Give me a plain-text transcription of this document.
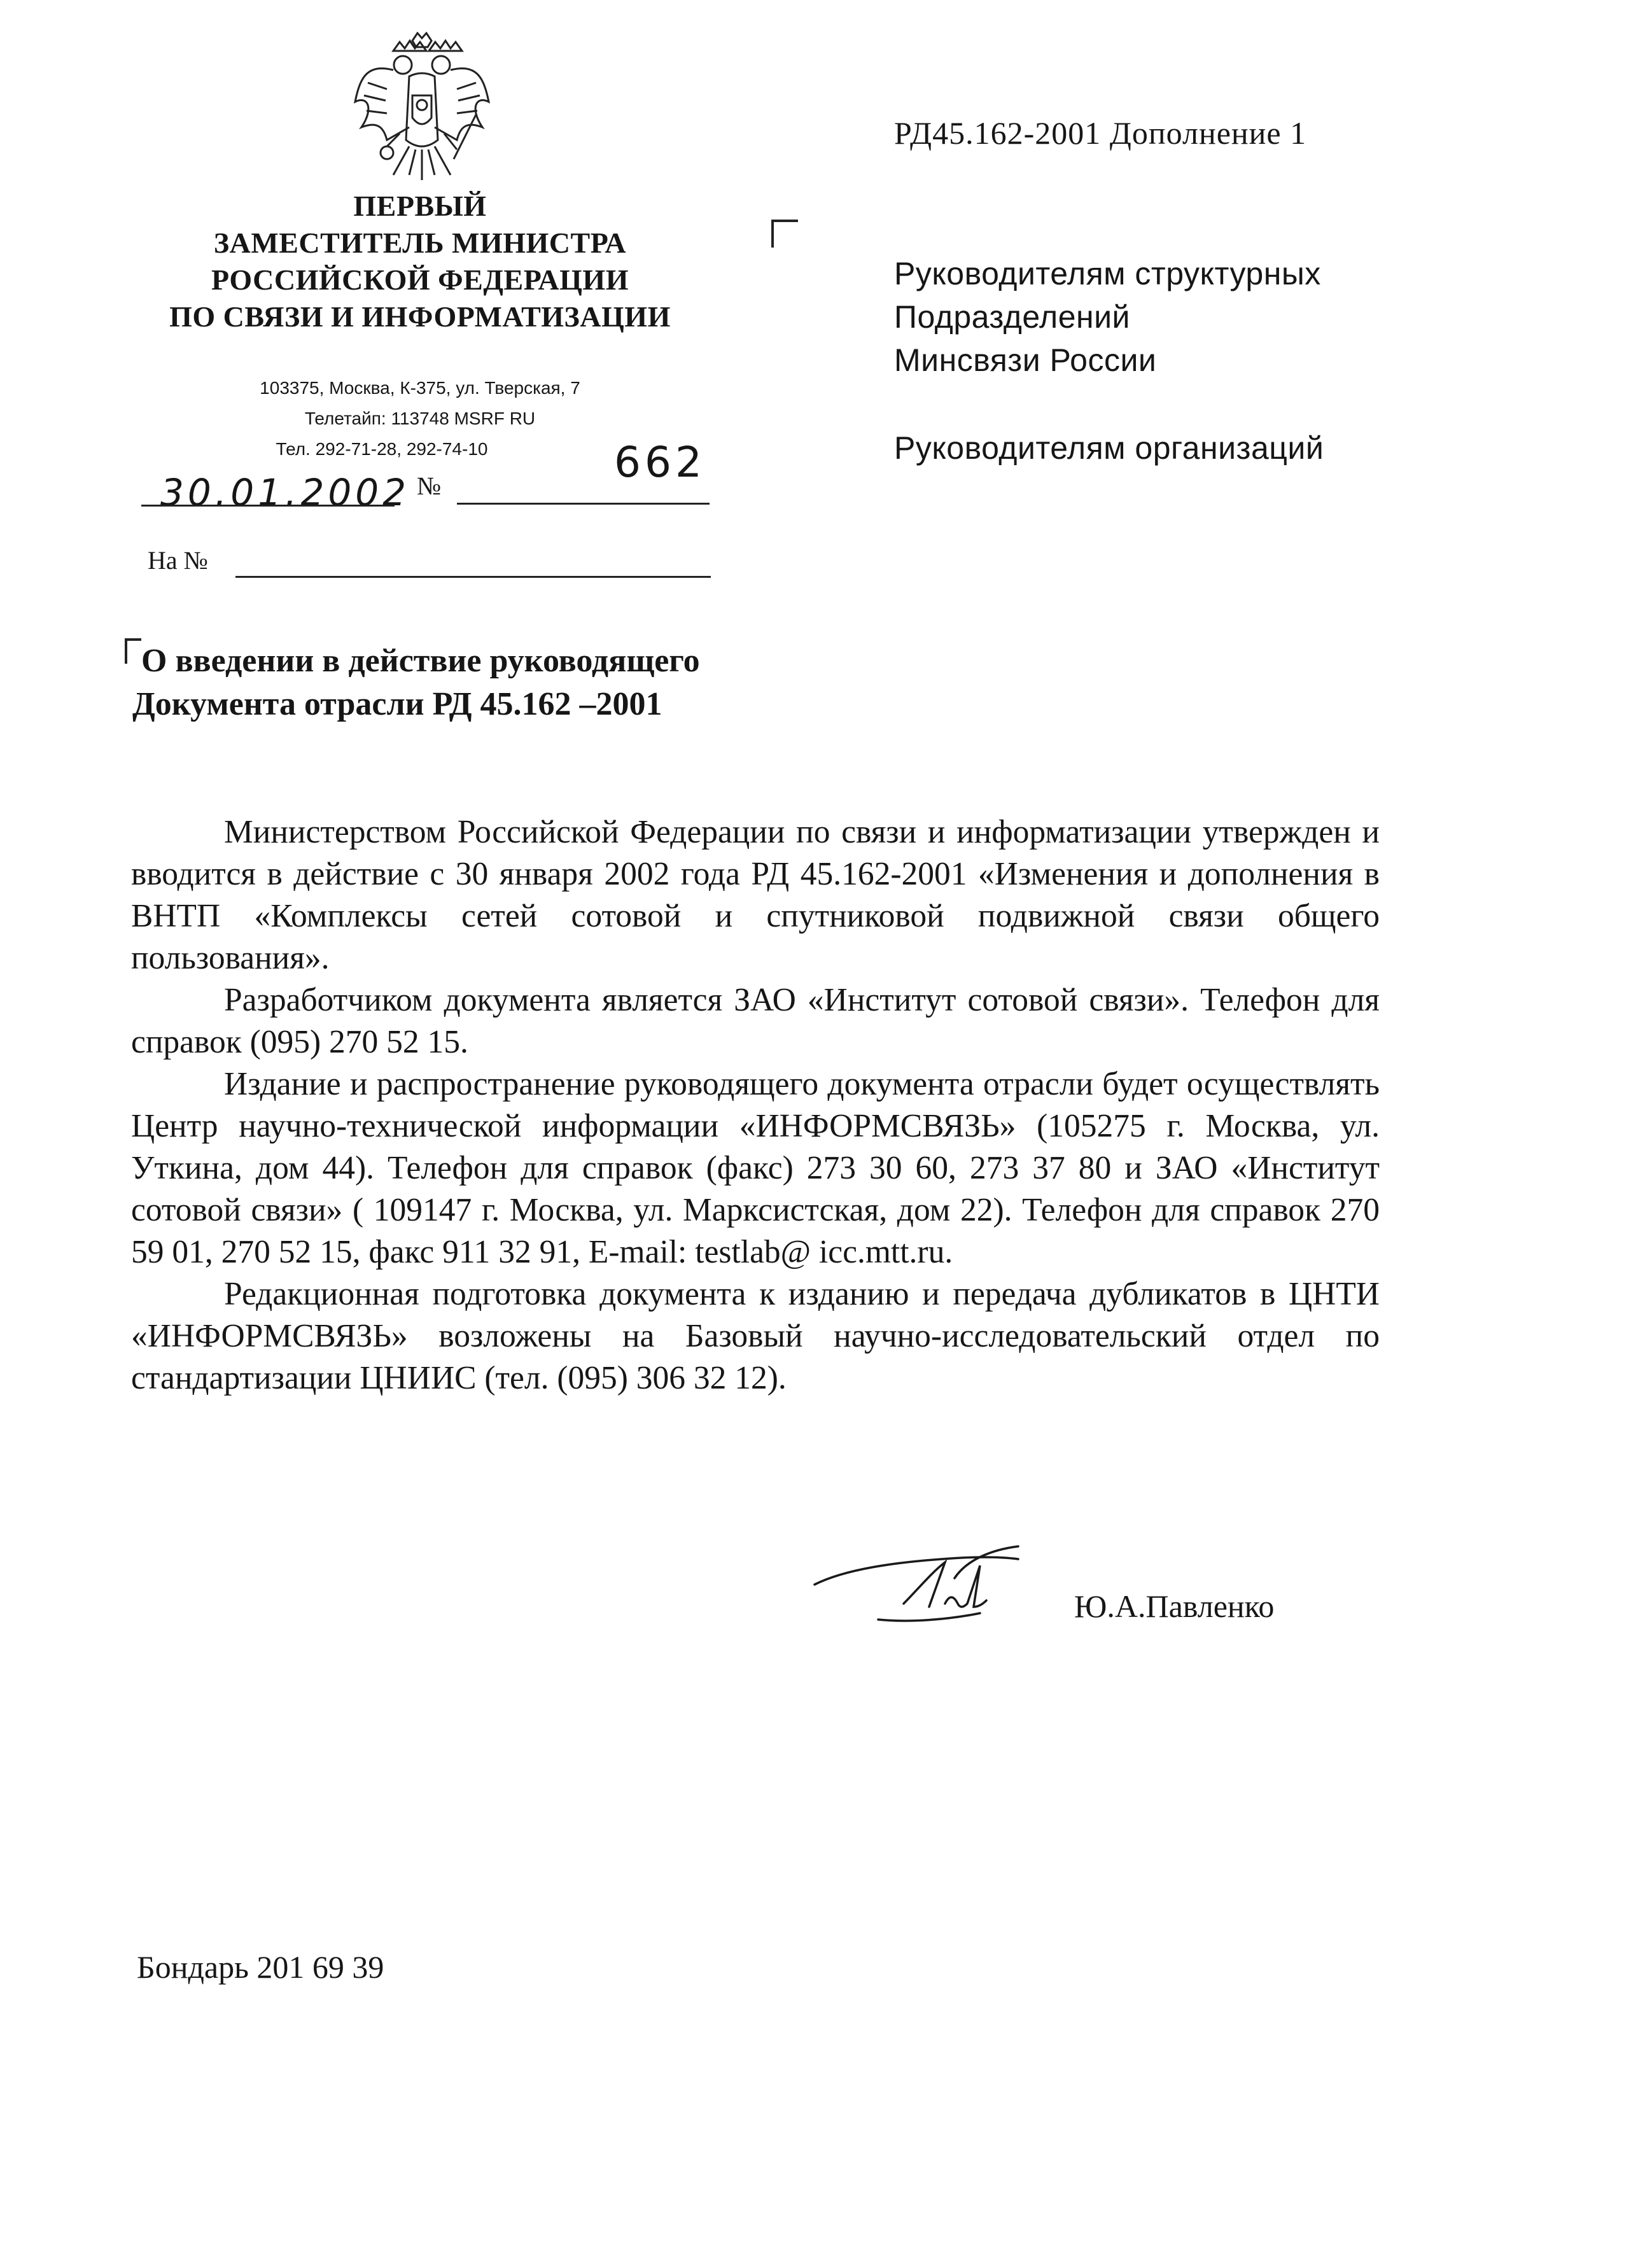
ПЕРВЫЙ
ЗАМЕСТИТЕЛЬ МИНИСТРА
РОССИЙСКОЙ ФЕДЕРАЦИИ
ПО СВЯЗИ И ИНФОРМАТИЗАЦИИ
103375, Москва, К-375, ул. Тверская, 7
Телетайп: 113748 MSRF RU
Тел. 292-71-28, 292-74-10
30.01.2002 №	662
На №
РД45.162-2001 Дополнение 1
Руководителям структурных
Подразделений
Минсвязи России
Руководителям организаций
О введении в действие руководящего
Документа отрасли РД 45.162 –2001

Министерством Российской Федерации по связи и информатизации утвержден и вводится в действие с 30 января 2002 года РД 45.162-2001 «Изменения и дополнения в ВНТП «Комплексы сетей сотовой и спутниковой подвижной связи общего пользования».

Разработчиком документа является ЗАО «Институт сотовой связи». Телефон для справок (095) 270 52 15.

Издание и распространение руководящего документа отрасли будет осуществлять Центр научно-технической информации «ИНФОРМСВЯЗЬ» (105275 г. Москва, ул. Уткина, дом 44). Телефон для справок (факс) 273 30 60, 273 37 80 и ЗАО «Институт сотовой связи» ( 109147 г. Москва, ул. Марксистская, дом 22). Телефон для справок 270 59 01, 270 52 15, факс 911 32 91, E-mail: testlab@ icc.mtt.ru.

Редакционная подготовка документа к изданию и передача дубликатов в ЦНТИ «ИНФОРМСВЯЗЬ» возложены на Базовый научно-исследовательский отдел по стандартизации ЦНИИС (тел. (095) 306 32 12).

Ю.А.Павленко
Бондарь 201 69 39
